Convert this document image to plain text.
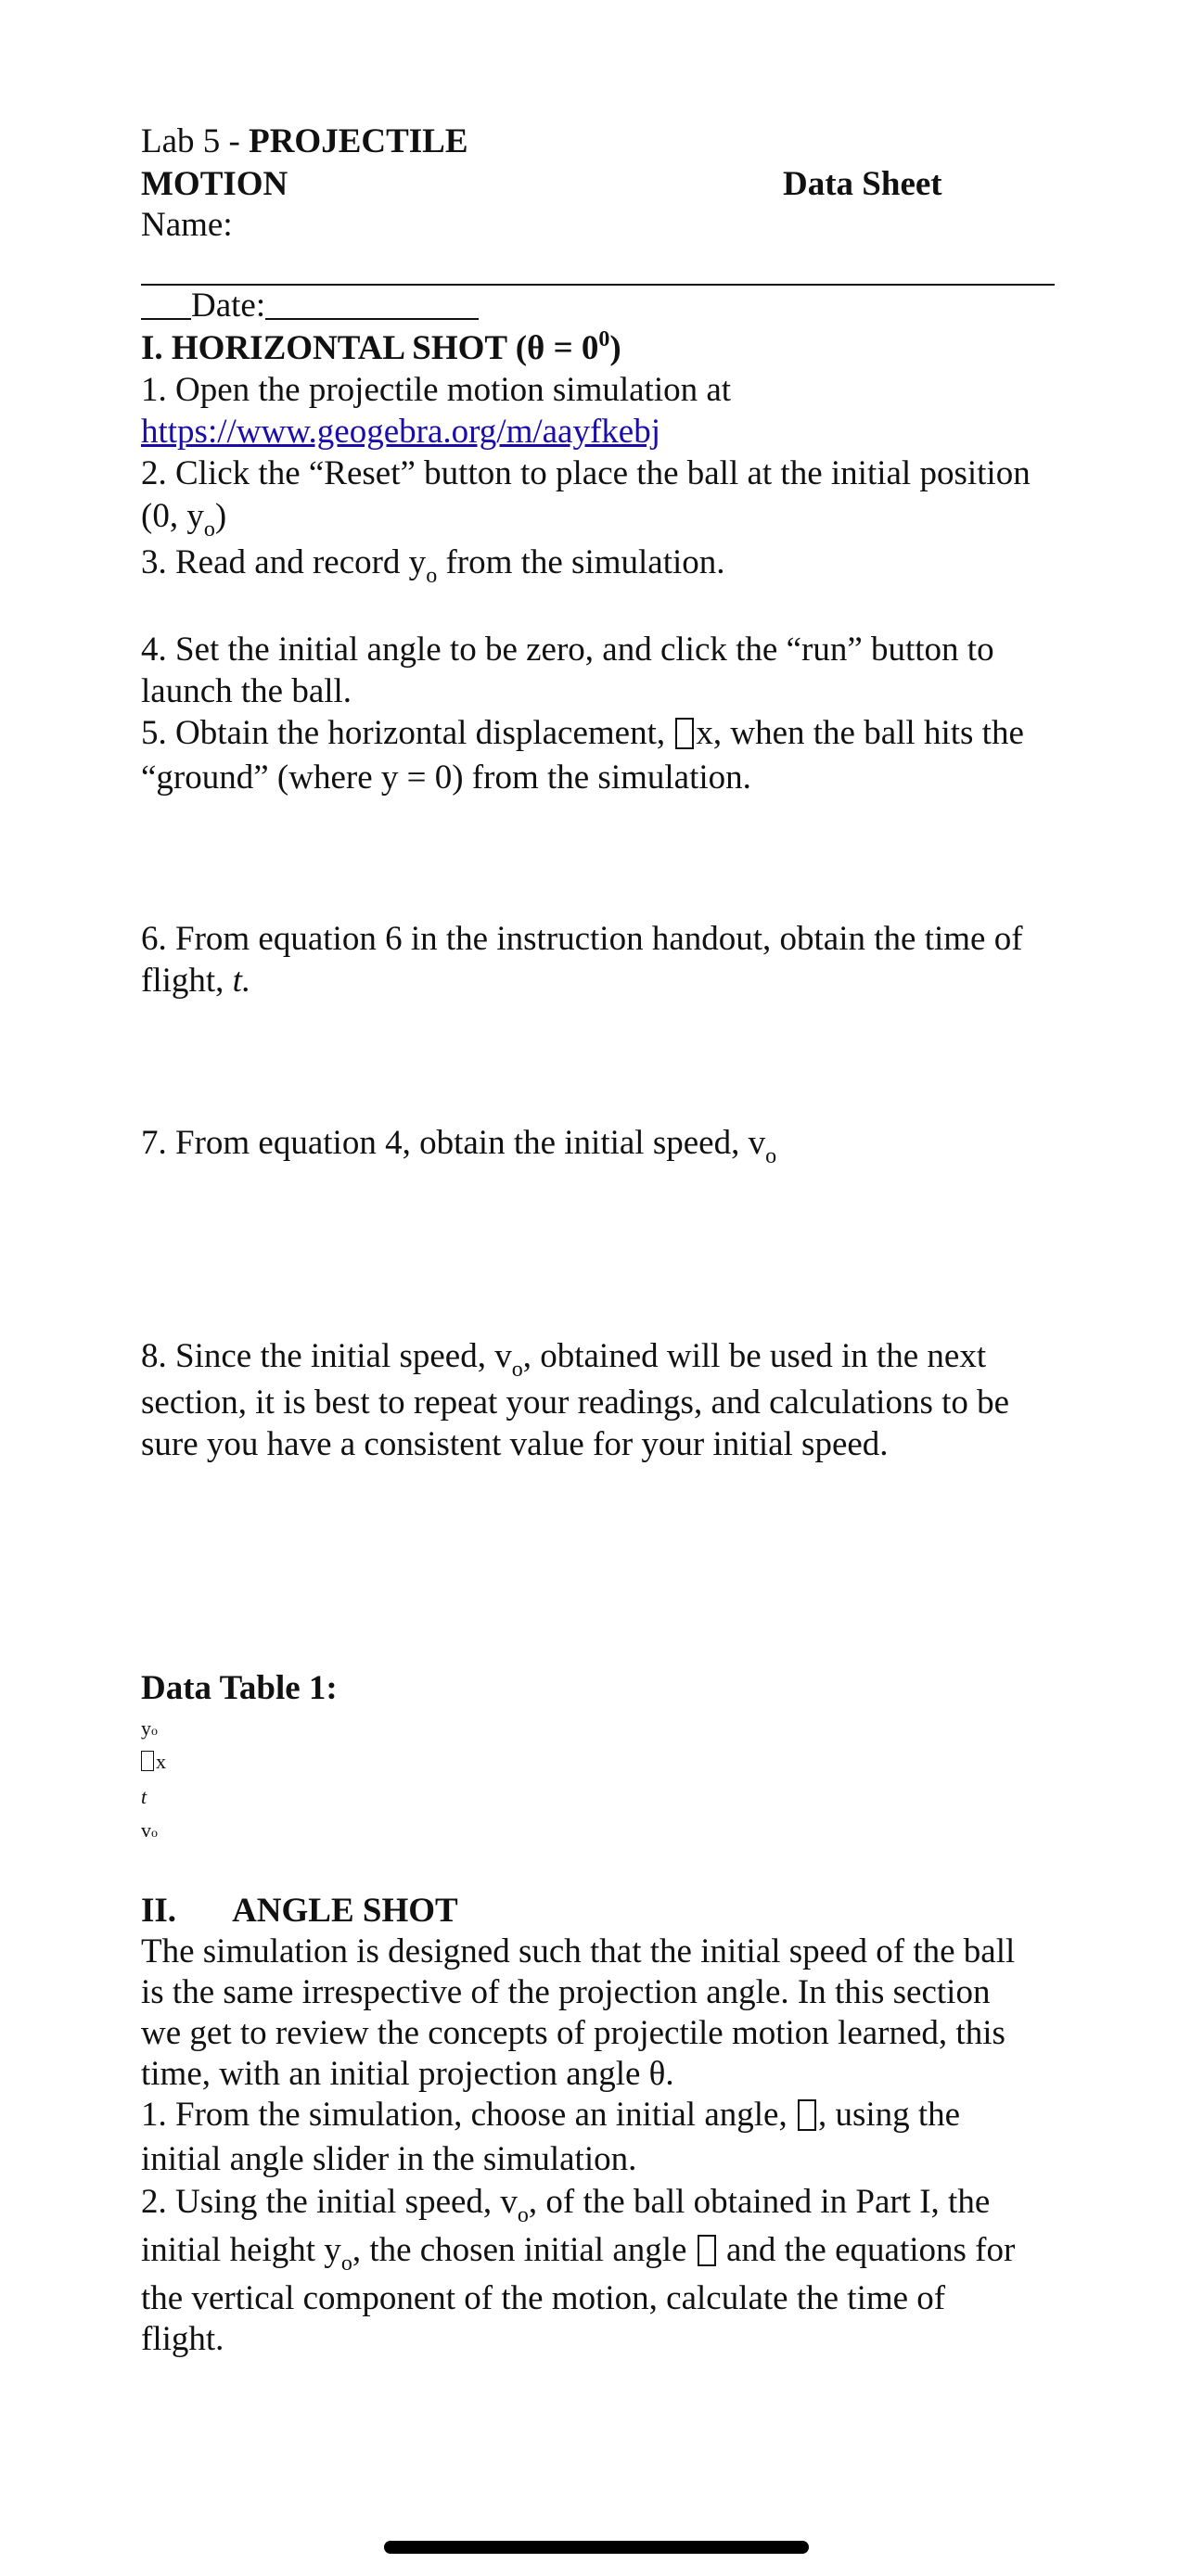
Lab 5 - PROJECTILE
MOTION	Data Sheet
Name:
Date:
I. HORIZONTAL SHOT $(\theta = 0^0)$
1. Open the projectile motion simulation at
https://www.geogebra.org/m/aayfkebj
2. Click the “Reset” button to place the ball at the initial position
(0, $y_o$)
3. Read and record $y_o$ from the simulation.
4. Set the initial angle to be zero, and click the “run” button to
launch the ball.
5. Obtain the horizontal displacement, x, when the ball hits the
“ground” (where y = 0) from the simulation.
6. From equation 6 in the instruction handout, obtain the time of
flight, t.
7. From equation 4, obtain the initial speed, $v_o$
8. Since the initial speed, $v_o$, obtained will be used in the next
section, it is best to repeat your readings, and calculations to be
sure you have a consistent value for your initial speed.
Data Table 1:
yo
x
t
vo
II. ANGLE SHOT
The simulation is designed such that the initial speed of the ball
is the same irrespective of the projection angle. In this section
we get to review the concepts of projectile motion learned, this
time, with an initial projection angle θ.
1. From the simulation, choose an initial angle, , using the
initial angle slider in the simulation.
2. Using the initial speed, $v_o$, of the ball obtained in Part I, the
initial height $y_o$, the chosen initial angle  and the equations for
the vertical component of the motion, calculate the time of
flight.
